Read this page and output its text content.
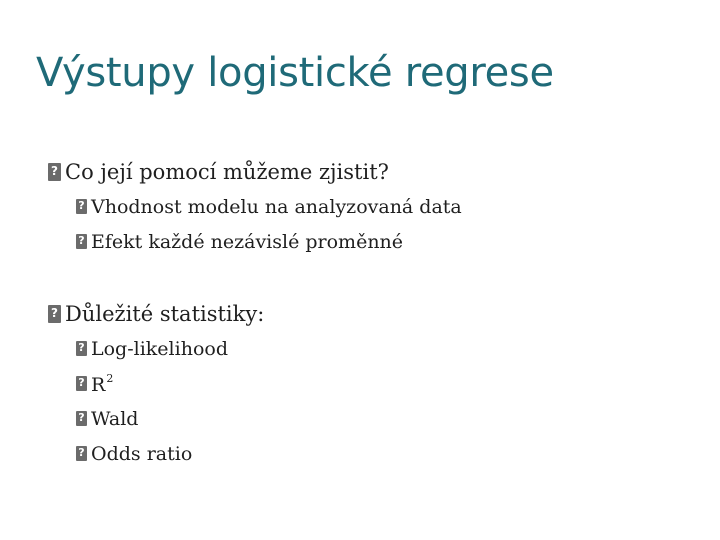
Výstupy logistické regrese
?
Co její pomocí můžeme zjistit?
?
Vhodnost modelu na analyzovaná data
?
Efekt každé nezávislé proměnné
?
Důležité statistiky:
?
Log-likelihood
?
$R^2$
?
Wald
?
Odds ratio
